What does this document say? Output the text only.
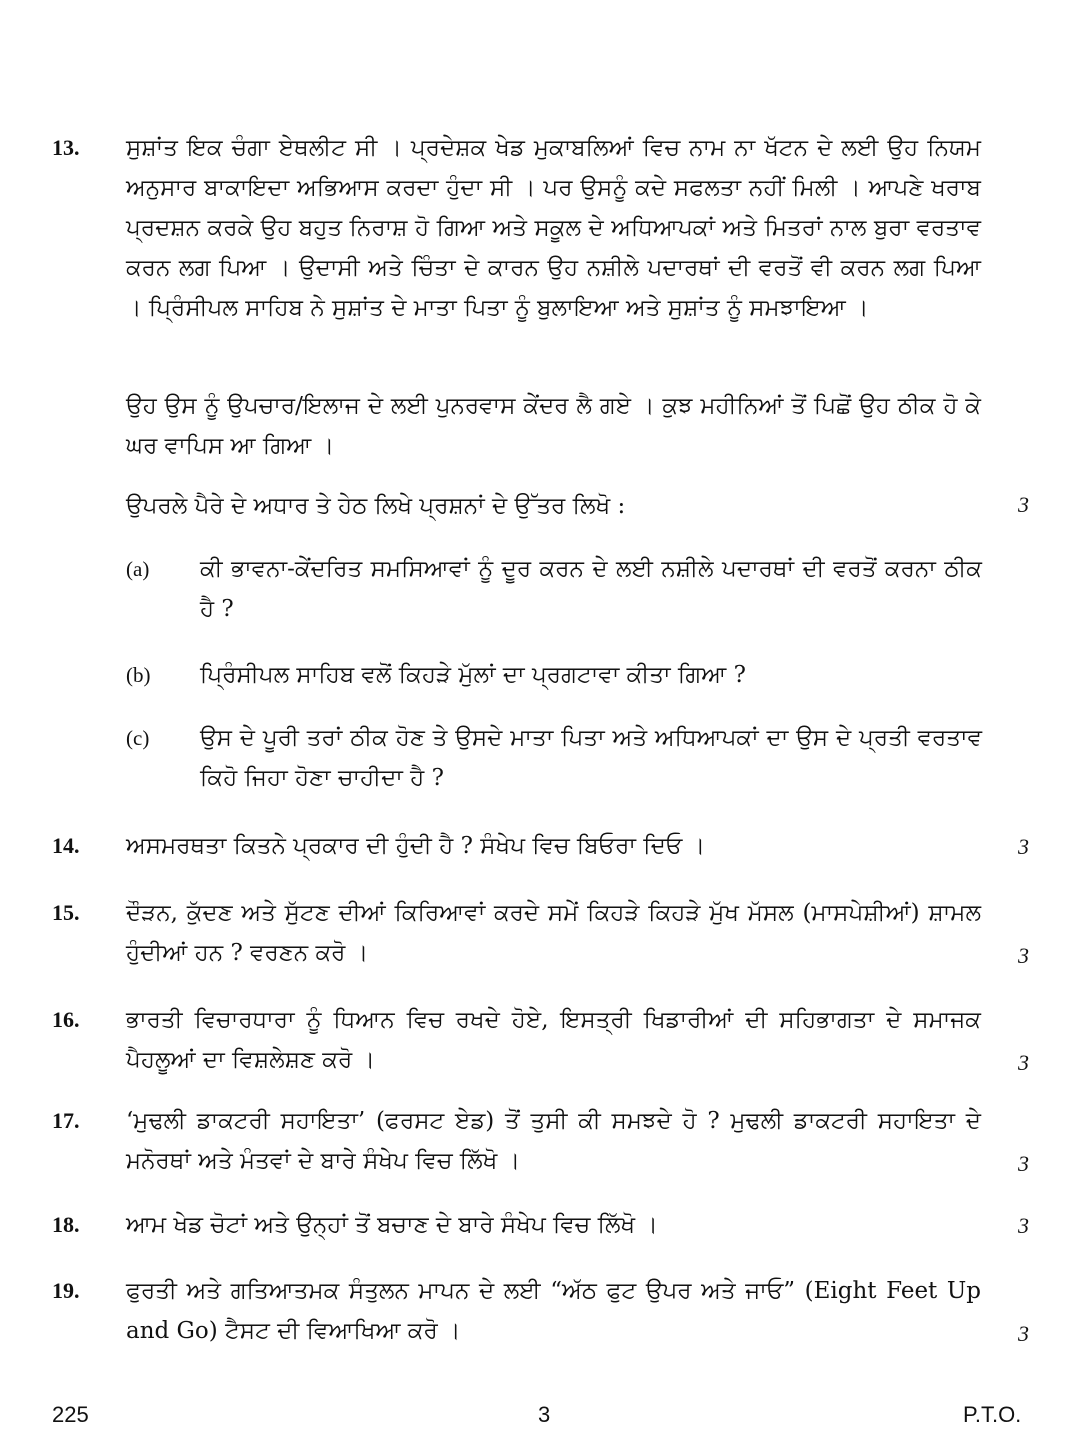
13. ਸੁਸ਼ਾਂਤ ਇਕ ਚੰਗਾ ਏਥਲੀਟ ਸੀ । ਪ੍ਰਦੇਸ਼ਕ ਖੇਡ ਮੁਕਾਬਲਿਆਂ ਵਿਚ ਨਾਮ ਨਾ ਖੱਟਨ ਦੇ ਲਈ ਉਹ ਨਿਯਮ ਅਨੁਸਾਰ ਬਾਕਾਇਦਾ ਅਭਿਆਸ ਕਰਦਾ ਹੁੰਦਾ ਸੀ । ਪਰ ਉਸਨੂੰ ਕਦੇ ਸਫਲਤਾ ਨਹੀਂ ਮਿਲੀ । ਆਪਣੇ ਖਰਾਬ ਪ੍ਰਦਸ਼ਨ ਕਰਕੇ ਉਹ ਬਹੁਤ ਨਿਰਾਸ਼ ਹੋ ਗਿਆ ਅਤੇ ਸਕੂਲ ਦੇ ਅਧਿਆਪਕਾਂ ਅਤੇ ਮਿਤਰਾਂ ਨਾਲ ਬੁਰਾ ਵਰਤਾਵ ਕਰਨ ਲਗ ਪਿਆ । ਉਦਾਸੀ ਅਤੇ ਚਿੰਤਾ ਦੇ ਕਾਰਨ ਉਹ ਨਸ਼ੀਲੇ ਪਦਾਰਥਾਂ ਦੀ ਵਰਤੋਂ ਵੀ ਕਰਨ ਲਗ ਪਿਆ । ਪ੍ਰਿੰਸੀਪਲ ਸਾਹਿਬ ਨੇ ਸੁਸ਼ਾਂਤ ਦੇ ਮਾਤਾ ਪਿਤਾ ਨੂੰ ਬੁਲਾਇਆ ਅਤੇ ਸੁਸ਼ਾਂਤ ਨੂੰ ਸਮਝਾਇਆ ।

ਉਹ ਉਸ ਨੂੰ ਉਪਚਾਰ/ਇਲਾਜ ਦੇ ਲਈ ਪੁਨਰਵਾਸ ਕੇਂਦਰ ਲੈ ਗਏ । ਕੁਝ ਮਹੀਨਿਆਂ ਤੋਂ ਪਿਛੋਂ ਉਹ ਠੀਕ ਹੋ ਕੇ ਘਰ ਵਾਪਿਸ ਆ ਗਿਆ ।

ਉਪਰਲੇ ਪੈਰੇ ਦੇ ਅਧਾਰ ਤੇ ਹੇਠ ਲਿਖੇ ਪ੍ਰਸ਼ਨਾਂ ਦੇ ਉੱਤਰ ਲਿਖੋ :	3
(a) ਕੀ ਭਾਵਨਾ-ਕੇਂਦਰਿਤ ਸਮਸਿਆਵਾਂ ਨੂੰ ਦੂਰ ਕਰਨ ਦੇ ਲਈ ਨਸ਼ੀਲੇ ਪਦਾਰਥਾਂ ਦੀ ਵਰਤੋਂ ਕਰਨਾ ਠੀਕ ਹੈ ?

(b) ਪ੍ਰਿੰਸੀਪਲ ਸਾਹਿਬ ਵਲੋਂ ਕਿਹੜੇ ਮੁੱਲਾਂ ਦਾ ਪ੍ਰਗਟਾਵਾ ਕੀਤਾ ਗਿਆ ?

(c) ਉਸ ਦੇ ਪੂਰੀ ਤਰਾਂ ਠੀਕ ਹੋਣ ਤੇ ਉਸਦੇ ਮਾਤਾ ਪਿਤਾ ਅਤੇ ਅਧਿਆਪਕਾਂ ਦਾ ਉਸ ਦੇ ਪ੍ਰਤੀ ਵਰਤਾਵ ਕਿਹੋ ਜਿਹਾ ਹੋਣਾ ਚਾਹੀਦਾ ਹੈ ?

14. ਅਸਮਰਥਤਾ ਕਿਤਨੇ ਪ੍ਰਕਾਰ ਦੀ ਹੁੰਦੀ ਹੈ ? ਸੰਖੇਪ ਵਿਚ ਬਿਓਰਾ ਦਿਓ ।	3
15. ਦੌੜਨ, ਕੁੱਦਣ ਅਤੇ ਸੁੱਟਣ ਦੀਆਂ ਕਿਰਿਆਵਾਂ ਕਰਦੇ ਸਮੇਂ ਕਿਹੜੇ ਕਿਹੜੇ ਮੁੱਖ ਮੱਸਲ (ਮਾਸਪੇਸ਼ੀਆਂ) ਸ਼ਾਮਲ ਹੁੰਦੀਆਂ ਹਨ ? ਵਰਣਨ ਕਰੋ ।	3
16. ਭਾਰਤੀ ਵਿਚਾਰਧਾਰਾ ਨੂੰ ਧਿਆਨ ਵਿਚ ਰਖਦੇ ਹੋਏ, ਇਸਤ੍ਰੀ ਖਿਡਾਰੀਆਂ ਦੀ ਸਹਿਭਾਗਤਾ ਦੇ ਸਮਾਜਕ ਪੈਹਲੂਆਂ ਦਾ ਵਿਸ਼ਲੇਸ਼ਣ ਕਰੋ ।	3
17. ‘ਮੁਢਲੀ ਡਾਕਟਰੀ ਸਹਾਇਤਾ’ (ਫਰਸਟ ਏਡ) ਤੋਂ ਤੁਸੀ ਕੀ ਸਮਝਦੇ ਹੋ ? ਮੁਢਲੀ ਡਾਕਟਰੀ ਸਹਾਇਤਾ ਦੇ ਮਨੋਰਥਾਂ ਅਤੇ ਮੰਤਵਾਂ ਦੇ ਬਾਰੇ ਸੰਖੇਪ ਵਿਚ ਲਿੱਖੋ ।	3
18. ਆਮ ਖੇਡ ਚੋਟਾਂ ਅਤੇ ਉਨ੍ਹਾਂ ਤੋਂ ਬਚਾਣ ਦੇ ਬਾਰੇ ਸੰਖੇਪ ਵਿਚ ਲਿੱਖੋ ।	3
19. ਫੁਰਤੀ ਅਤੇ ਗਤਿਆਤਮਕ ਸੰਤੁਲਨ ਮਾਪਨ ਦੇ ਲਈ “ਅੱਠ ਫੁਟ ਉਪਰ ਅਤੇ ਜਾਓ” (Eight Feet Up and Go) ਟੈਸਟ ਦੀ ਵਿਆਖਿਆ ਕਰੋ ।	3
225	3	P.T.O.
